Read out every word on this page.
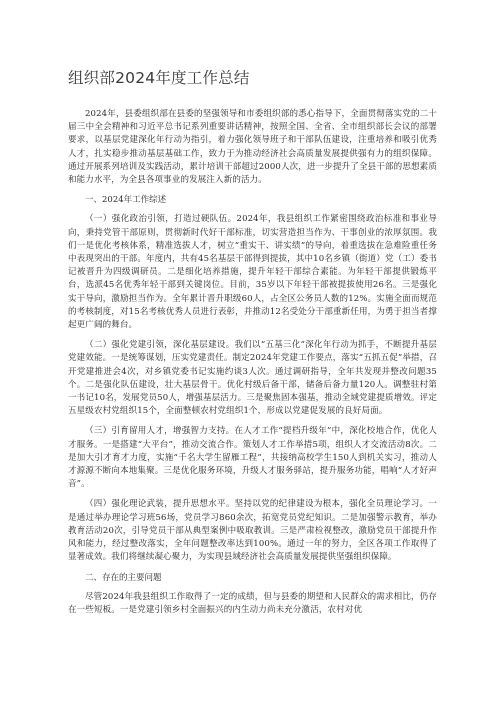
组织部2024年度工作总结

2024年，县委组织部在县委的坚强领导和市委组织部的悉心指导下，全面贯彻落实党的二十届三中全会精神和习近平总书记系列重要讲话精神，按照全国、全省、全市组织部长会议的部署要求，以基层党建深化年行动为指引，着力强化领导班子和干部队伍建设，注重培养和吸引优秀人才，扎实稳步推动基层基础工作，致力于为推动经济社会高质量发展提供强有力的组织保障。通过开展系列培训及实践活动，累计培训干部超过2000人次，进一步提升了全县干部的思想素质和能力水平，为全县各项事业的发展注入新的活力。

一、2024年工作综述

（一）强化政治引领，打造过硬队伍。2024年，我县组织工作紧密围绕政治标准和事业导向，秉持党管干部原则，贯彻新时代好干部标准，切实营造担当作为、干事创业的浓厚氛围。我们一是优化考核体系，精准选拔人才，树立“重实干、讲实绩”的导向，着重选拔在急难险重任务中表现突出的干部。年度内，共有45名基层干部得到提拔，其中10名乡镇（街道）党（工）委书记被晋升为四级调研员。二是细化培养措施，提升年轻干部综合素能。为年轻干部提供锻炼平台，选派45名优秀年轻干部到关键岗位。目前，35岁以下年轻干部被提拔使用26名。三是强化实干导向，激励担当作为。全年累计晋升职级60人，占全区公务员人数的12%。实施全面而规范的考核制度，对15名考核优秀人员进行表彰，并推动12名受处分干部重新任用，为勇于担当者撑起更广阔的舞台。

（二）强化党建引领，深化基层建设。我们以“五基三化”深化年行动为抓手，不断提升基层党建效能。一是统筹谋划，压实党建责任。制定2024年党建工作要点，落实“五抓五促”举措，召开党建推进会4次，对乡镇党委书记实施约谈3人次。通过调研指导，全年共发现并整改问题35个。二是强化队伍建设，壮大基层骨干。优化村级后备干部，储备后备力量120人。调整驻村第一书记10名，发展党员50人，增强基层活力。三是聚焦固本强基，推动全域党建提质增效。评定五星级农村党组织15个，全面整顿农村党组织1个，形成以党建促发展的良好局面。

（三）引育留用人才，增强智力支持。在人才工作“提档升级年”中，深化校地合作，优化人才服务。一是搭建“大平台”，推动交流合作。策划人才工作举措5项，组织人才交流活动8次。二是加大引才育才力度，实施“千名大学生留雁工程”，共接纳高校学生150人到机关实习，推动人才源源不断向本地集聚。三是优化服务环境，升级人才服务驿站，提升服务功能，唱响“人才好声音”。

（四）强化理论武装，提升思想水平。坚持以党的纪律建设为根本，强化全员理论学习。一是通过举办理论学习班56场，党员学习860余次，拓宽党员党纪知识。二是加强警示教育，举办教育活动20次，引导党员干部从典型案例中吸取教训。三是严肃检视整改，激励党员干部提升作风和能力，经过整改落实，全年问题整改率达到100%。通过一年的努力，全区各项工作取得了显著成效。我们将继续凝心聚力，为实现县域经济社会高质量发展提供坚强组织保障。

二、存在的主要问题

尽管2024年我县组织工作取得了一定的成绩，但与县委的期望和人民群众的需求相比，仍存在一些短板。一是党建引领乡村全面振兴的内生动力尚未充分激活，农村对优
